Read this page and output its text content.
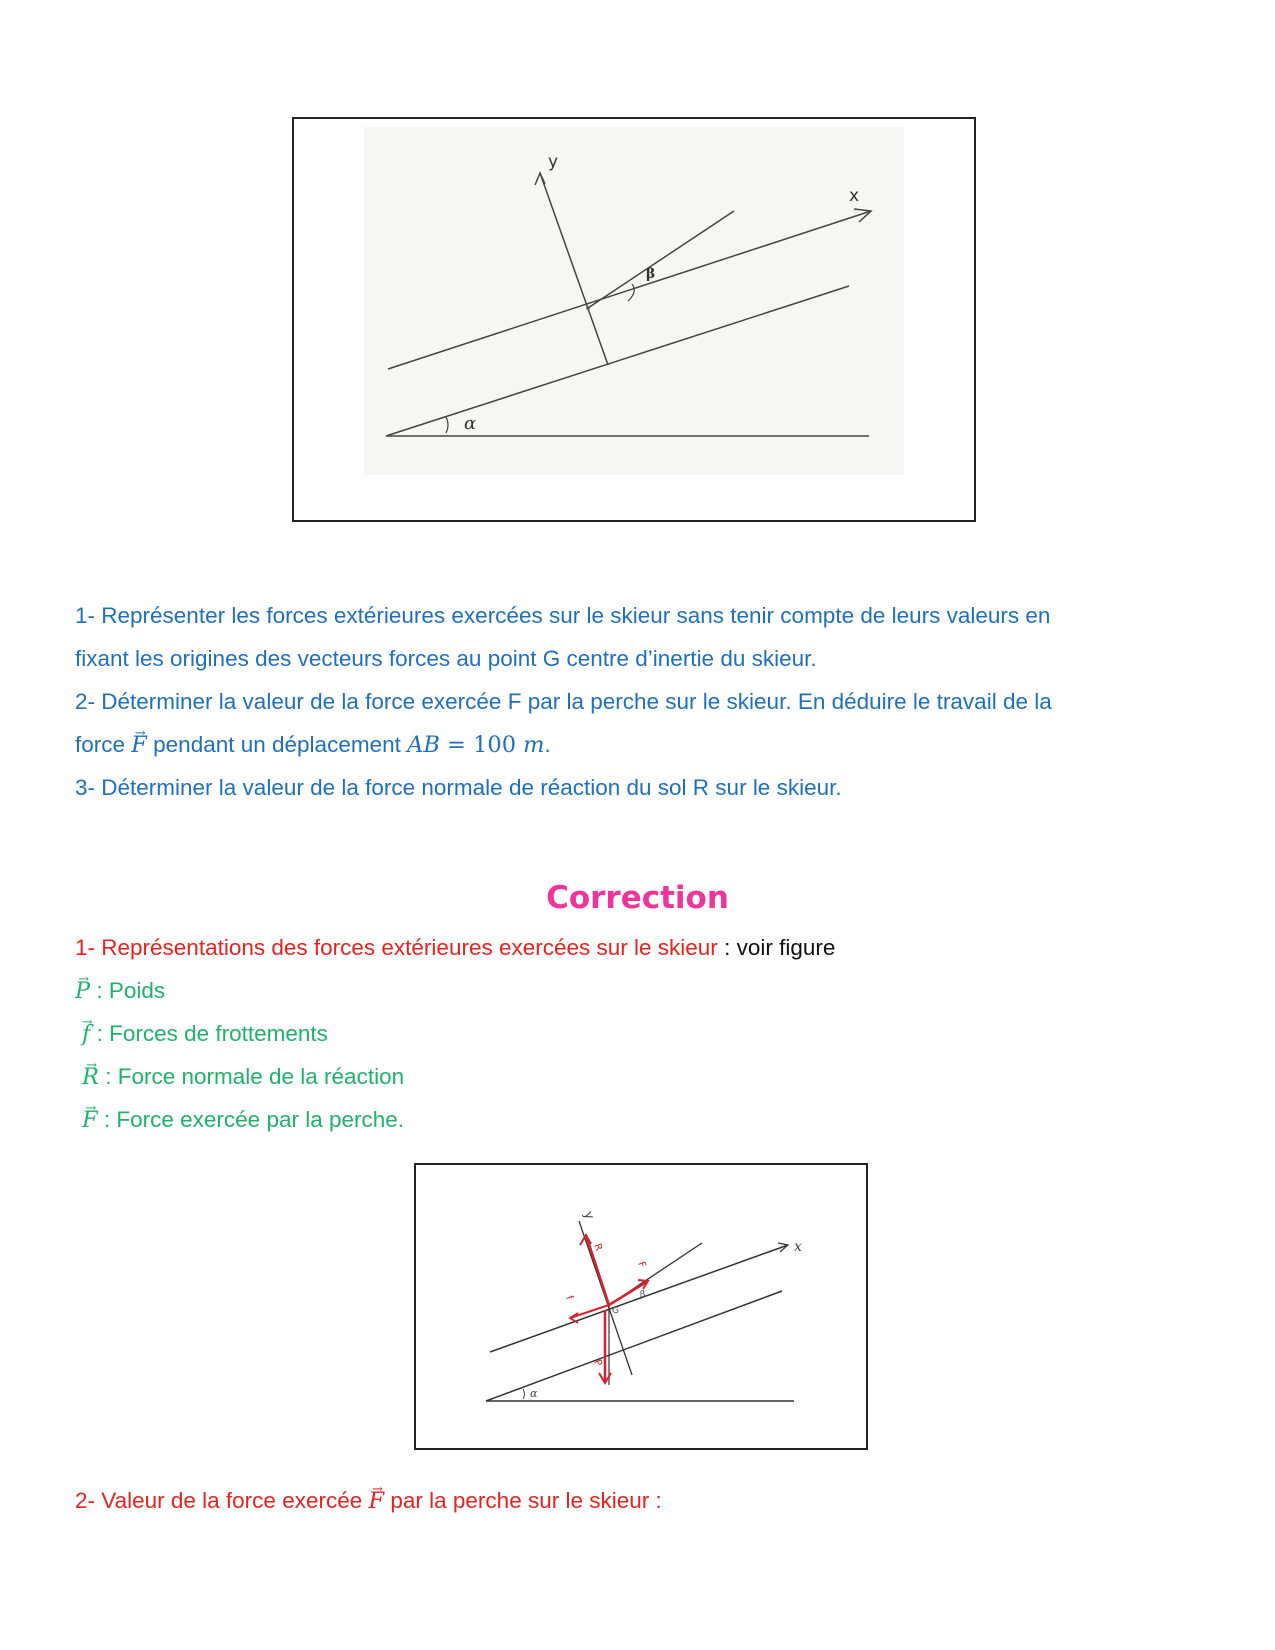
β
α
y
x
1- Représenter les forces extérieures exercées sur le skieur sans tenir compte de leurs valeurs en
fixant les origines des vecteurs forces au point G centre d’inertie du skieur.
2- Déterminer la valeur de la force exercée F par la perche sur le skieur. En déduire le travail de la
force → F pendant un déplacement AB = 100 m.
3- Déterminer la valeur de la force normale de réaction du sol R sur le skieur.
Correction
1- Représentations des forces extérieures exercées sur le skieur : voir figure
→ P : Poids
→ f : Forces de frottements
→ R : Force normale de la réaction
→ F : Force exercée par la perche.
y
x
R
F
f
P
G
β
α
2- Valeur de la force exercée → F par la perche sur le skieur :
